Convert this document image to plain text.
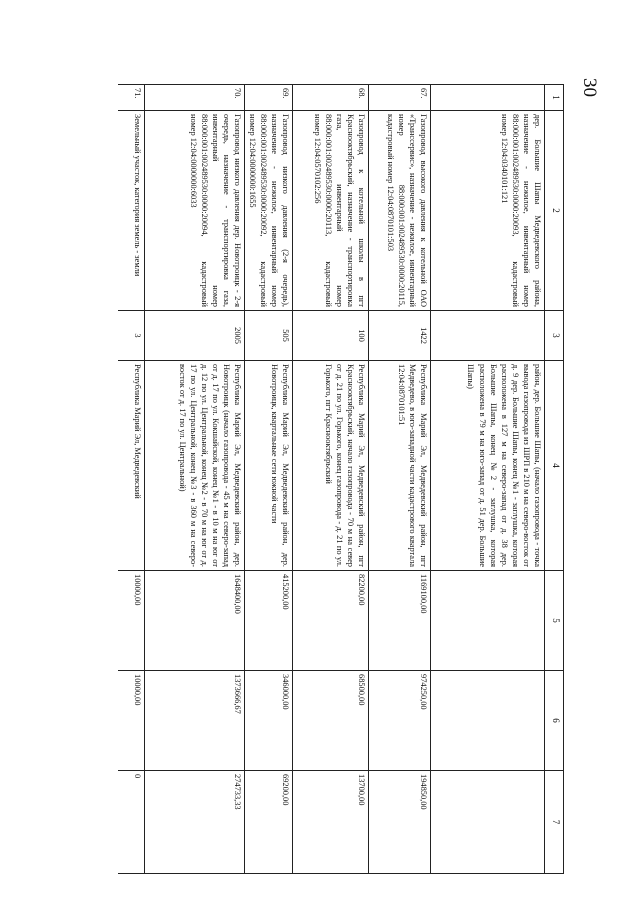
30
1	2	3	4	5	6	7
	дер. Большие Шапы Медведевского района, назначение - нежилое, инвентарный номер 88:000:001:002489530:0000:20093, кадастровый номер 12:04:0340101:121		район, дер. Большие Шапы, (начало газопровода - точка вывода газопровода из ШРП в 210 м на северо-восток от д. 9 дер. Большие Шапы, конец №1 - заглушка, которая расположена в 127 м на северо-запад от д. 38 дер. Большие Шапы, конец №2 - заглушка, которая расположена в 79 м на юго-запад от д. 51 дер. Большие Шапы)			
67.	Газопровод высокого давления к котельной ОАО «Транссервис», назначение - нежилое, инвентарный номер 88:000:001:002489530:0000:20115, кадастровый номер 12:04:0870101:503	1422	Республика Марий Эл, Медведевский район, пгт Медведево, в юго-западной части кадастрового квартала 12:04:0870101:51	1169100,00	974250,00	194850,00
68.	Газопровод к котельной школы в пгт Краснооктябрьский, назначение - транспортировка газа, инвентарный номер 88:000:001:002489530:0000:20113, кадастровый номер 12:04:0570102:256	100	Республика Марий Эл, Медведевский район, пгт Краснооктябрьский, начало газопровода - 70 м на север от д. 21 по ул. Горького, конец газопровода - д. 21 по ул. Горького, пгт Краснооктябрьский	82200,00	68500,00	13700,00
69.	Газопровод низкого давления (2-я очередь), назначение - нежилое, инвентарный номер 88:000:001:002489530:0000:20092, кадастровый номер 12:04:0000000:1655	505	Республика Марий Эл, Медведевский район, дер. Новотроицк, квартальные сети южной части	415200,00	346000,00	69200,00
70.	Газопровод низкого давления дер. Новотроицк - 2-я очередь, назначение - транспортировка газа, инвентарный номер 88:000:001:002489530:0000:20094, кадастровый номер 12:04:0000000:6033	2005	Республика Марий Эл, Медведевский район, дер. Новотроицк (начало газопровода - 45 м на северо-запад от д. 17 по ул. Кокшайской, конец №1 - в 10 м на юг от д. 12 по ул. Центральной, конец №2 - в 70 м на юг от д. 17 по ул. Центральной, конец №3 - в 360 м на северо-восток от д. 17 по ул. Центральной)	1648400,00	1373666,67	274733,33
71.	Земельный участок, категория земель - земли	3	Республика Марий Эл, Медведевский	10000,00	10000,00	0
